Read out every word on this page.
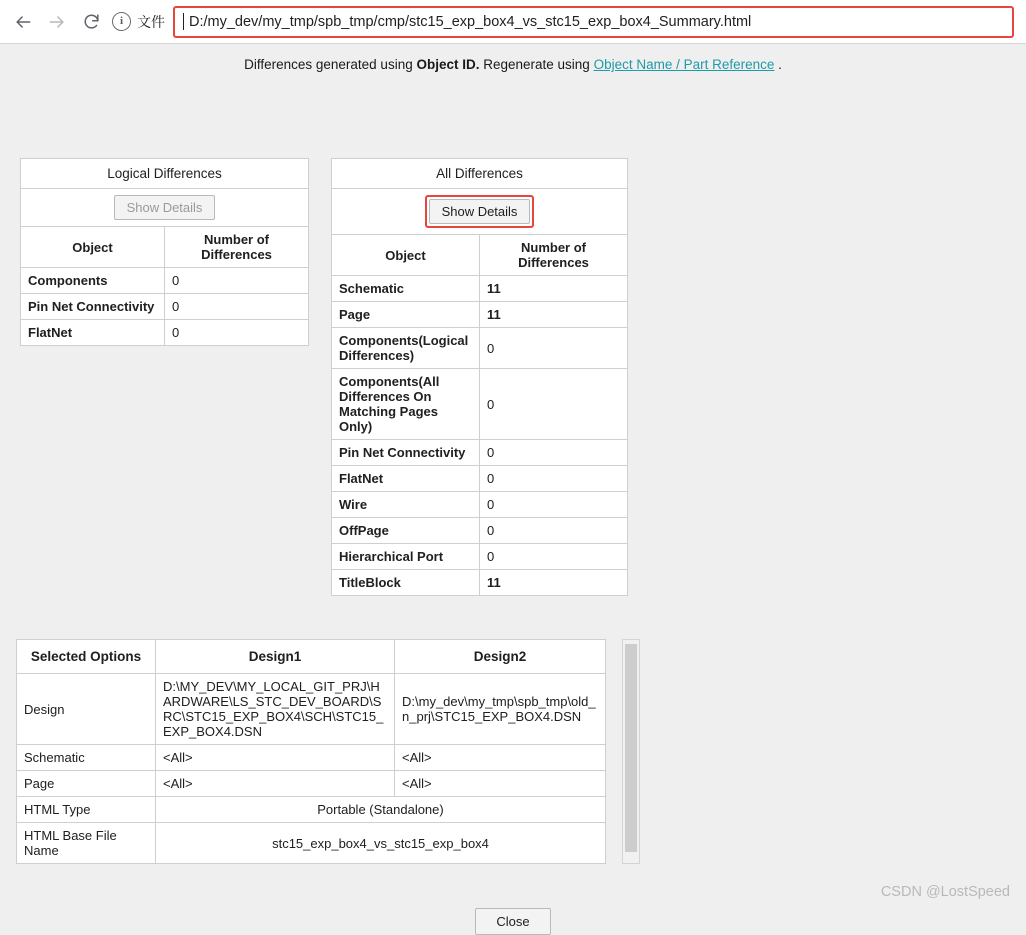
i 文件 D:/my_dev/my_tmp/spb_tmp/cmp/stc15_exp_box4_vs_stc15_exp_box4_Summary.html
Differences generated using Object ID. Regenerate using Object Name / Part Reference .
Logical Differences	
Show Details	
Object	Number of Differences
Components	0
Pin Net Connectivity	0
FlatNet	0
All Differences	
Show Details	
Object	Number of Differences
Schematic	11
Page	11
Components(Logical Differences)	0
Components(All Differences On Matching Pages Only)	0
Pin Net Connectivity	0
FlatNet	0
Wire	0
OffPage	0
Hierarchical Port	0
TitleBlock	11
Selected Options	Design1	Design2
Design	D:\MY_DEV\MY_LOCAL_GIT_PRJ\HARDWARE\LS_STC_DEV_BOARD\SRC\STC15_EXP_BOX4\SCH\STC15_EXP_BOX4.DSN	D:\my_dev\my_tmp\spb_tmp\old_n_prj\STC15_EXP_BOX4.DSN
Schematic	<All>	<All>
Page	<All>	<All>
HTML Type	Portable (Standalone)	
HTML Base File Name	stc15_exp_box4_vs_stc15_exp_box4	
Close
CSDN @LostSpeed
